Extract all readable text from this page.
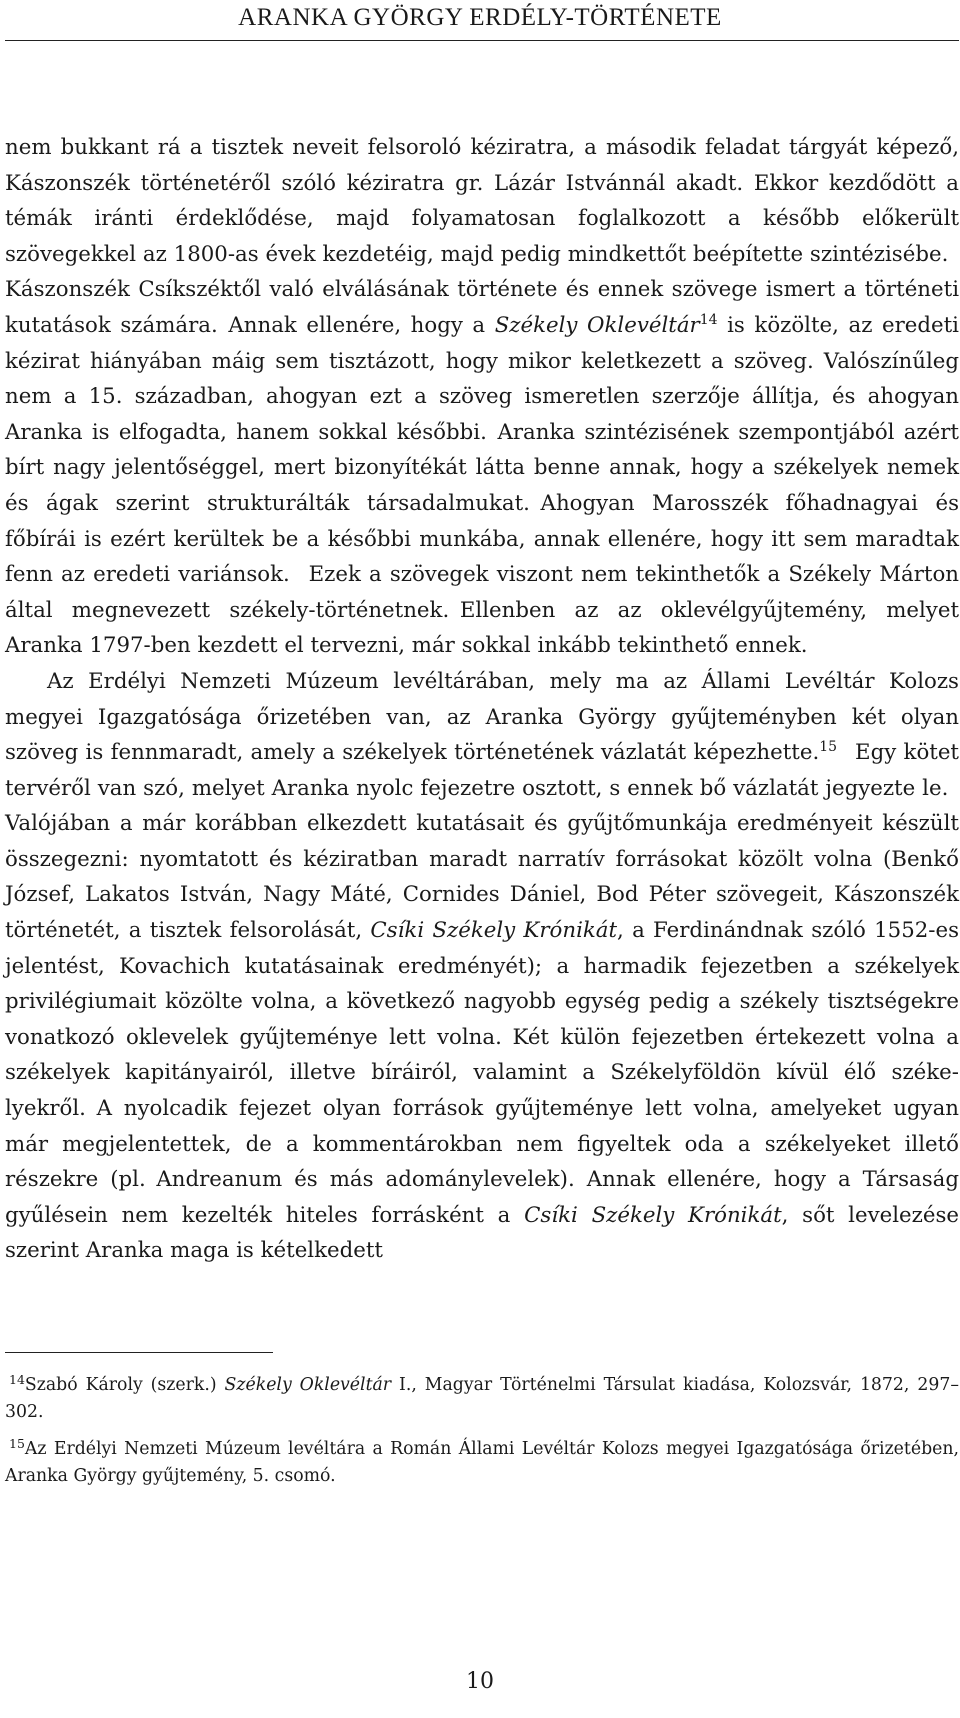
ARANKA GYÖRGY ERDÉLY-TÖRTÉNETE

nem bukkant rá a tisztek neveit felsoroló kéziratra, a második feladat tárgyát képező, Kászonszék történetéről szóló kéziratra gr. Lázár Istvánnál akadt. Ekkor kezdődött a témák iránti érdeklődése, majd folyamatosan foglalkozott a később előkerült szövegekkel az 1800-as évek kezdetéig, majd pedig mindkettőt beépítette szintézisébe. Kászonszék Csíkszéktől való elválásának története és ennek szövege ismert a történeti kutatások számára. Annak ellenére, hogy a Székely Oklevéltár$^{14}$ is közölte, az eredeti kézirat hiányában máig sem tisztázott, hogy mikor keletkezett a szöveg. Valószínűleg nem a 15. században, ahogyan ezt a szöveg ismeretlen szerzője állítja, és ahogyan Aranka is elfogadta, hanem sokkal későbbi. Aranka szintézisének szempontjából azért bírt nagy jelentőséggel, mert bizonyítékát látta benne annak, hogy a székelyek nemek és ágak szerint strukturálták társadalmukat. Ahogyan Marosszék főhadnagyai és főbírái is ezért kerültek be a későbbi munkába, annak ellenére, hogy itt sem maradtak fenn az eredeti variánsok.  Ezek a szövegek viszont nem tekinthetők a Székely Márton által megnevezett székely-történetnek. Ellenben az az oklevélgyűjtemény, melyet Aranka 1797-ben kezdett el tervezni, már sokkal inkább tekinthető ennek.

Az Erdélyi Nemzeti Múzeum levéltárában, mely ma az Állami Levéltár Kolozs megyei Igazgatósága őrizetében van, az Aranka György gyűjteményben két olyan szöveg is fennmaradt, amely a székelyek történetének vázlatát képezhette.$^{15}$  Egy kötet tervéről van szó, melyet Aranka nyolc fejezetre osztott, s ennek bő vázlatát jegyezte le. Valójában a már korábban elkezdett kutatásait és gyűjtőmunkája eredményeit készült összegezni: nyomtatott és kéziratban maradt narratív forrásokat közölt volna (Benkő József, Lakatos István, Nagy Máté, Cornides Dániel, Bod Péter szövegeit, Kászonszék történetét, a tisztek felsorolását, Csíki Székely Krónikát, a Ferdinándnak szóló 1552-es jelentést, Kovachich kutatásainak eredményét); a harmadik fejezetben a székelyek privilégiumait közölte volna, a következő nagyobb egység pedig a székely tisztségekre vonatkozó oklevelek gyűjteménye lett volna. Két külön fejezetben értekezett volna a székelyek kapitányairól, illetve bíráiról, valamint a Székelyföldön kívül élő székelyekről. A nyolcadik fejezet olyan források gyűjteménye lett volna, amelyeket ugyan már megjelentettek, de a kommentárokban nem figyeltek oda a székelyeket illető részekre (pl. Andreanum és más adománylevelek). Annak ellenére, hogy a Társaság gyűlésein nem kezelték hiteles forrásként a Csíki Székely Krónikát, sőt levelezése szerint Aranka maga is kételkedett

$^{14}$Szabó Károly (szerk.) Székely Oklevéltár I., Magyar Történelmi Társulat kiadása, Kolozsvár, 1872, 297–302.

$^{15}$Az Erdélyi Nemzeti Múzeum levéltára a Román Állami Levéltár Kolozs megyei Igazgatósága őrizetében, Aranka György gyűjtemény, 5. csomó.

10
